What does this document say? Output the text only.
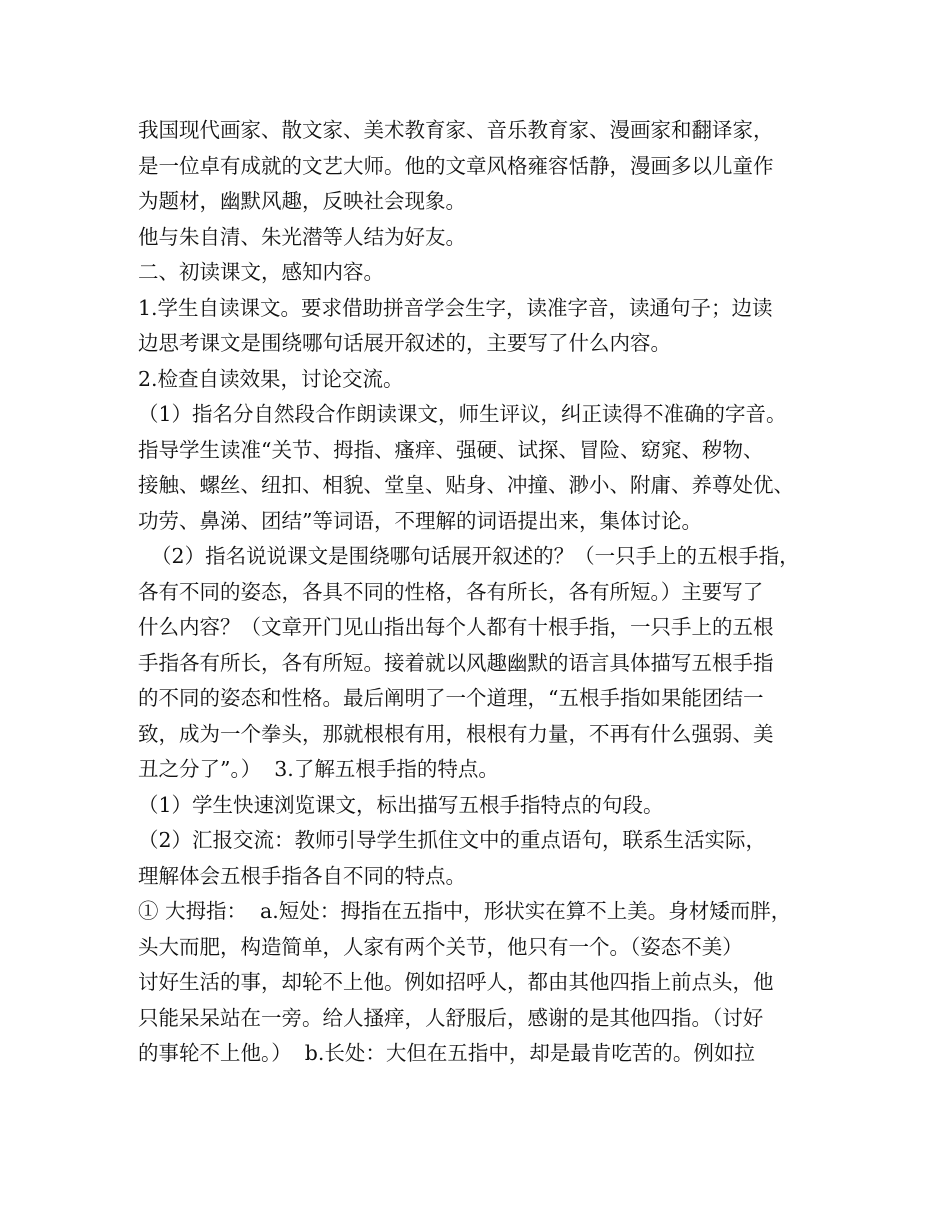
我国现代画家、散文家、美术教育家、音乐教育家、漫画家和翻译家，
是一位卓有成就的文艺大师。他的文章风格雍容恬静，漫画多以儿童作
为题材，幽默风趣，反映社会现象。
他与朱自清、朱光潜等人结为好友。
二、初读课文，感知内容。
1.学生自读课文。要求借助拼音学会生字，读准字音，读通句子；边读
边思考课文是围绕哪句话展开叙述的，主要写了什么内容。
2.检查自读效果，讨论交流。
（1）指名分自然段合作朗读课文，师生评议，纠正读得不准确的字音。
指导学生读准“关节、拇指、瘙痒、强硬、试探、冒险、窈窕、秽物、
接触、螺丝、纽扣、相貌、堂皇、贴身、冲撞、渺小、附庸、养尊处优、
功劳、鼻涕、团结”等词语，不理解的词语提出来，集体讨论。
（2）指名说说课文是围绕哪句话展开叙述的？（一只手上的五根手指，
各有不同的姿态，各具不同的性格，各有所长，各有所短。）主要写了
什么内容？（文章开门见山指出每个人都有十根手指，一只手上的五根
手指各有所长，各有所短。接着就以风趣幽默的语言具体描写五根手指
的不同的姿态和性格。最后阐明了一个道理，“五根手指如果能团结一
致，成为一个拳头，那就根根有用，根根有力量，不再有什么强弱、美
丑之分了”。）  3.了解五根手指的特点。
（1）学生快速浏览课文，标出描写五根手指特点的句段。
（2）汇报交流：教师引导学生抓住文中的重点语句，联系生活实际，
理解体会五根手指各自不同的特点。
① 大拇指：  a.短处：拇指在五指中，形状实在算不上美。身材矮而胖，
头大而肥，构造简单，人家有两个关节，他只有一个。（姿态不美）
讨好生活的事，却轮不上他。例如招呼人，都由其他四指上前点头，他
只能呆呆站在一旁。给人搔痒，人舒服后，感谢的是其他四指。（讨好
的事轮不上他。）  b.长处：大但在五指中，却是最肯吃苦的。例如拉
